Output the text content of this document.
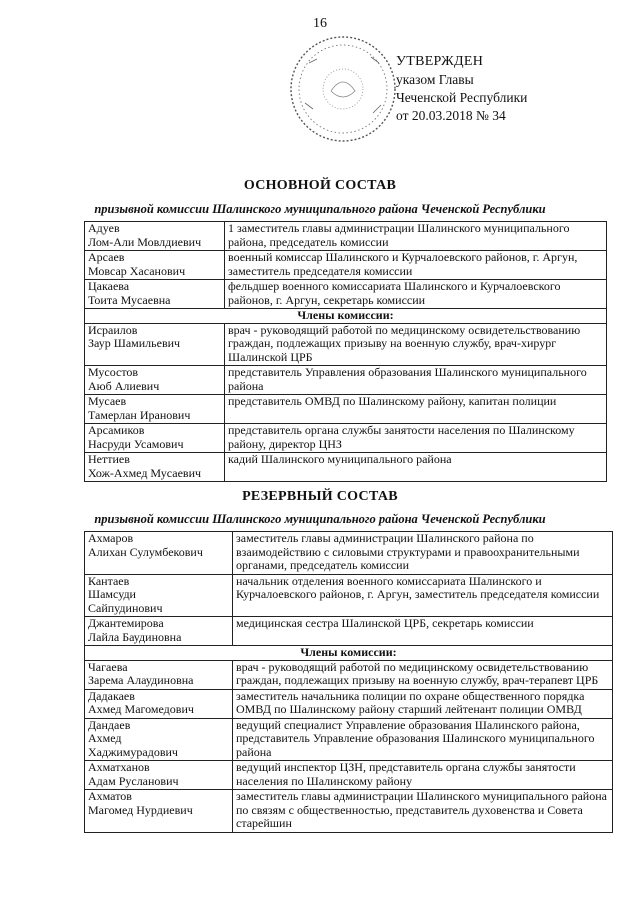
16
УТВЕРЖДЕН
указом Главы
Чеченской Республики
от 20.03.2018 № 34
ОСНОВНОЙ СОСТАВ
призывной комиссии Шалинского муниципального района Чеченской Республики
Адуев
Лом-Али Мовлдиевич	1 заместитель главы администрации Шалинского муниципального района, председатель комиссии

Арсаев
Мовсар Хасанович	военный комиссар Шалинского и Курчалоевского районов, г. Аргун, заместитель председателя комиссии

Цакаева
Тоита Мусаевна	фельдшер военного комиссариата Шалинского и Курчалоевского районов, г. Аргун, секретарь комиссии
Члены комиссии:	

Исраилов
Заур Шамильевич	врач - руководящий работой по медицинскому освидетельствованию граждан, подлежащих призыву на военную службу, врач-хирург Шалинской ЦРБ

Мусостов
Аюб Алиевич	представитель Управления образования Шалинского муниципального района

Мусаев
Тамерлан Иранович	представитель ОМВД по Шалинскому району, капитан полиции

Арсамиков
Насруди Усамович	представитель органа службы занятости населения по Шалинскому району, директор ЦНЗ

Неттиев
Хож-Ахмед Мусаевич	кадий Шалинского муниципального района
РЕЗЕРВНЫЙ СОСТАВ
призывной комиссии Шалинского муниципального района Чеченской Республики
Ахмаров
Алихан Сулумбекович	заместитель главы администрации Шалинского района по взаимодействию с силовыми структурами и правоохранительными органами, председатель комиссии

Кантаев
Шамсуди
Сайпудинович	начальник отделения военного комиссариата Шалинского и Курчалоевского районов, г. Аргун, заместитель председателя комиссии

Джантемирова
Лайла Баудиновна	медицинская сестра Шалинской ЦРБ, секретарь комиссии
Члены комиссии:	

Чагаева
Зарема Алаудиновна	врач - руководящий работой по медицинскому освидетельствованию граждан, подлежащих призыву на военную службу, врач-терапевт ЦРБ

Дадакаев
Ахмед Магомедович	заместитель начальника полиции по охране общественного порядка ОМВД по Шалинскому району старший лейтенант полиции ОМВД

Дандаев
Ахмед
Хаджимурадович	ведущий специалист Управление образования Шалинского района, представитель Управление образования Шалинского муниципального района

Ахматханов
Адам Русланович	ведущий инспектор ЦЗН, представитель органа службы занятости населения по Шалинскому району

Ахматов
Магомед Нурдиевич	заместитель главы администрации Шалинского муниципального района по связям с общественностью, представитель духовенства и Совета старейшин
